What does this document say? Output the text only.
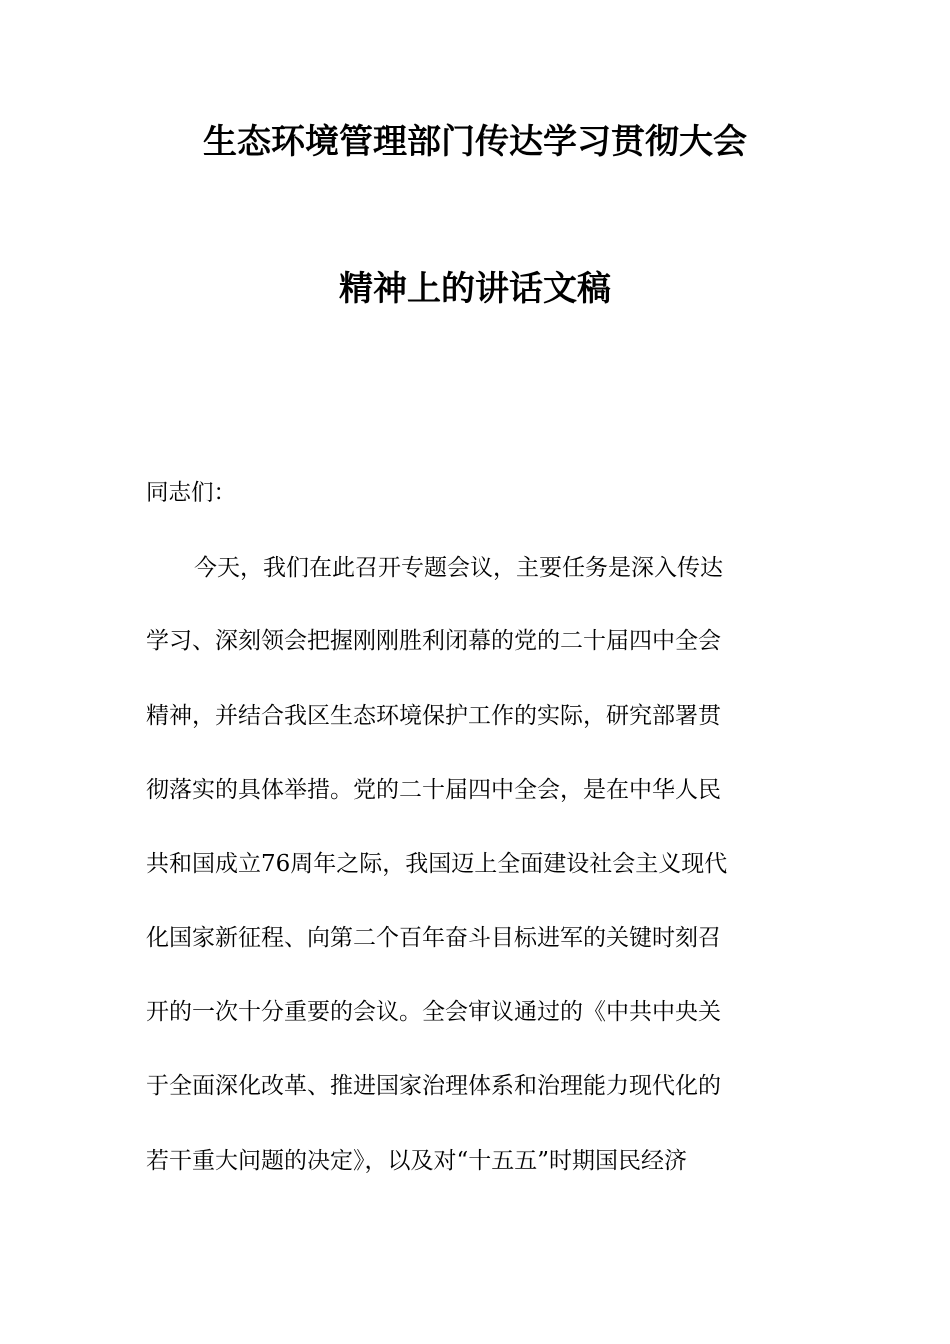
生态环境管理部门传达学习贯彻大会
精神上的讲话文稿
同志们：
今天，我们在此召开专题会议，主要任务是深入传达
学习、深刻领会把握刚刚胜利闭幕的党的二十届四中全会
精神，并结合我区生态环境保护工作的实际，研究部署贯
彻落实的具体举措。党的二十届四中全会，是在中华人民
共和国成立76周年之际，我国迈上全面建设社会主义现代
化国家新征程、向第二个百年奋斗目标进军的关键时刻召
开的一次十分重要的会议。全会审议通过的《中共中央关
于全面深化改革、推进国家治理体系和治理能力现代化的
若干重大问题的决定》，以及对“十五五”时期国民经济
